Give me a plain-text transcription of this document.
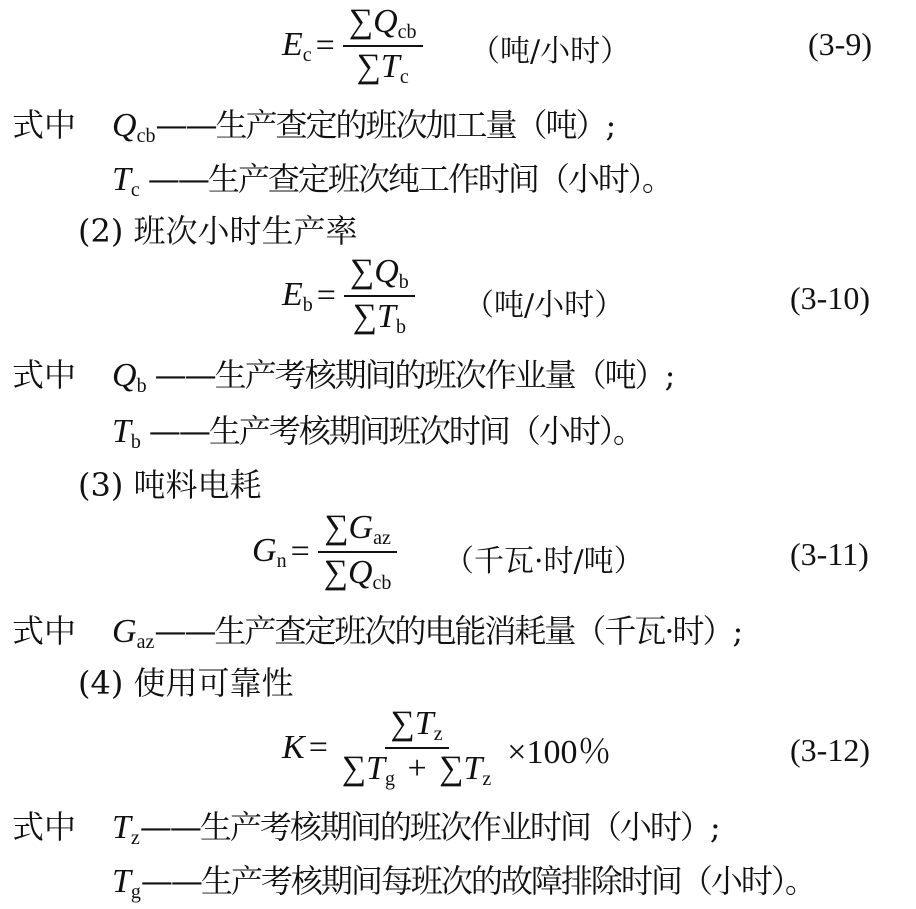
$E_c = \frac{\sum Q_{cb}}{\sum T_c}$ （吨/小时）	(3-9)
式中	$Q_{cb}$ ——生产查定的班次加工量（吨）;
$T_c$ ——生产查定班次纯工作时间（小时）。
(2) 班次小时生产率
$E_b = \frac{\sum Q_b}{\sum T_b}$ （吨/小时）	(3-10)
式中	$Q_b$ ——生产考核期间的班次作业量（吨）;
$T_b$ ——生产考核期间班次时间（小时）。
(3) 吨料电耗
$G_n = \frac{\sum G_{az}}{\sum Q_{cb}}$ （千瓦·时/吨）	(3-11)
式中	$G_{az}$ ——生产查定班次的电能消耗量（千瓦·时）;
(4) 使用可靠性
$K = \frac{\sum T_z}{\sum T_g + \sum T_z} \times 100$％	(3-12)
式中	$T_z$ ——生产考核期间的班次作业时间（小时）;
$T_g$ ——生产考核期间每班次的故障排除时间（小时）。
